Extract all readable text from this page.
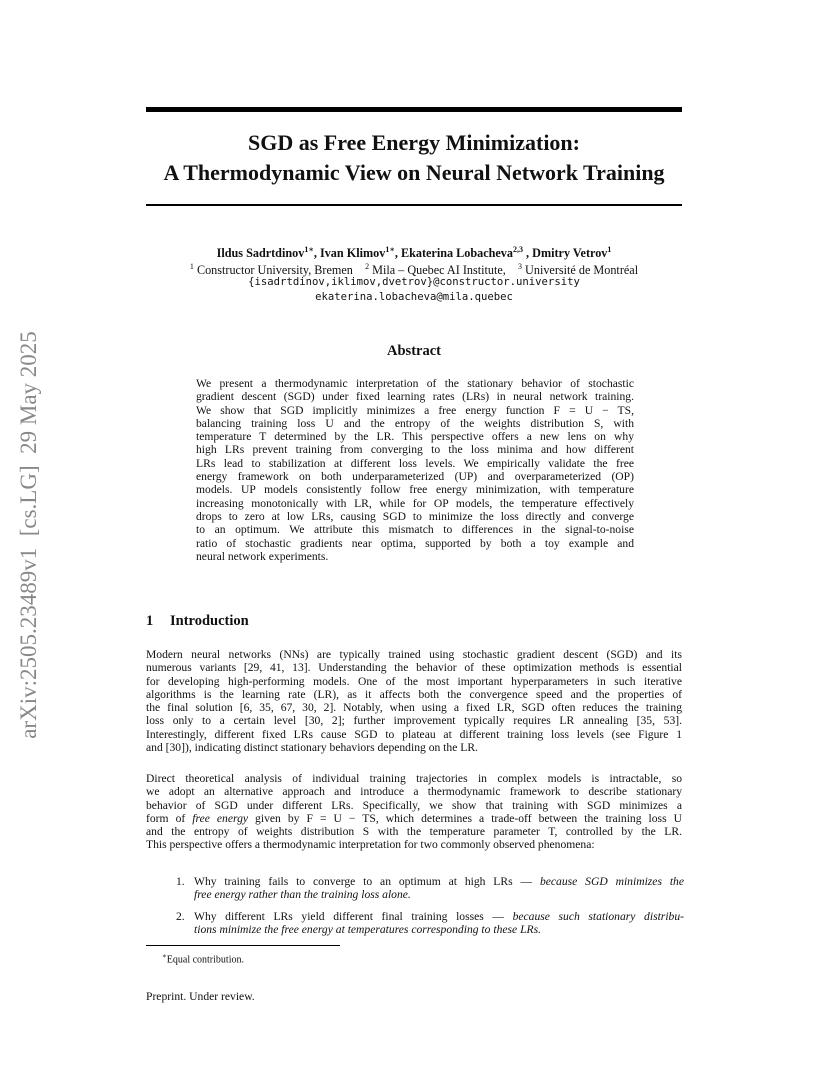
arXiv:2505.23489v1  [cs.LG]  29 May 2025
SGD as Free Energy Minimization:
A Thermodynamic View on Neural Network Training
Ildus Sadrtdinov$^{1∗}$, Ivan Klimov$^{1∗}$, Ekaterina Lobacheva$^{2,3}$ , Dmitry Vetrov$^1$
$^1$ Constructor University, Bremen $^2$ Mila – Quebec AI Institute, $^3$ Université de Montréal
{isadrtdinov,iklimov,dvetrov}@constructor.university
ekaterina.lobacheva@mila.quebec
Abstract
We present a thermodynamic interpretation of the stationary behavior of stochastic
gradient descent (SGD) under fixed learning rates (LRs) in neural network training.
We show that SGD implicitly minimizes a free energy function F = U − TS,
balancing training loss U and the entropy of the weights distribution S, with
temperature T determined by the LR. This perspective offers a new lens on why
high LRs prevent training from converging to the loss minima and how different
LRs lead to stabilization at different loss levels. We empirically validate the free
energy framework on both underparameterized (UP) and overparameterized (OP)
models. UP models consistently follow free energy minimization, with temperature
increasing monotonically with LR, while for OP models, the temperature effectively
drops to zero at low LRs, causing SGD to minimize the loss directly and converge
to an optimum. We attribute this mismatch to differences in the signal-to-noise
ratio of stochastic gradients near optima, supported by both a toy example and
neural network experiments.
1 Introduction
Modern neural networks (NNs) are typically trained using stochastic gradient descent (SGD) and its
numerous variants [29, 41, 13]. Understanding the behavior of these optimization methods is essential
for developing high-performing models. One of the most important hyperparameters in such iterative
algorithms is the learning rate (LR), as it affects both the convergence speed and the properties of
the final solution [6, 35, 67, 30, 2]. Notably, when using a fixed LR, SGD often reduces the training
loss only to a certain level [30, 2]; further improvement typically requires LR annealing [35, 53].
Interestingly, different fixed LRs cause SGD to plateau at different training loss levels (see Figure 1
and [30]), indicating distinct stationary behaviors depending on the LR.
Direct theoretical analysis of individual training trajectories in complex models is intractable, so
we adopt an alternative approach and introduce a thermodynamic framework to describe stationary
behavior of SGD under different LRs. Specifically, we show that training with SGD minimizes a
form of free energy given by F = U − TS, which determines a trade-off between the training loss U
and the entropy of weights distribution S with the temperature parameter T, controlled by the LR.
This perspective offers a thermodynamic interpretation for two commonly observed phenomena:
1. Why training fails to converge to an optimum at high LRs — because SGD minimizes the
free energy rather than the training loss alone.
2. Why different LRs yield different final training losses — because such stationary distribu-
tions minimize the free energy at temperatures corresponding to these LRs.
∗Equal contribution.
Preprint. Under review.
